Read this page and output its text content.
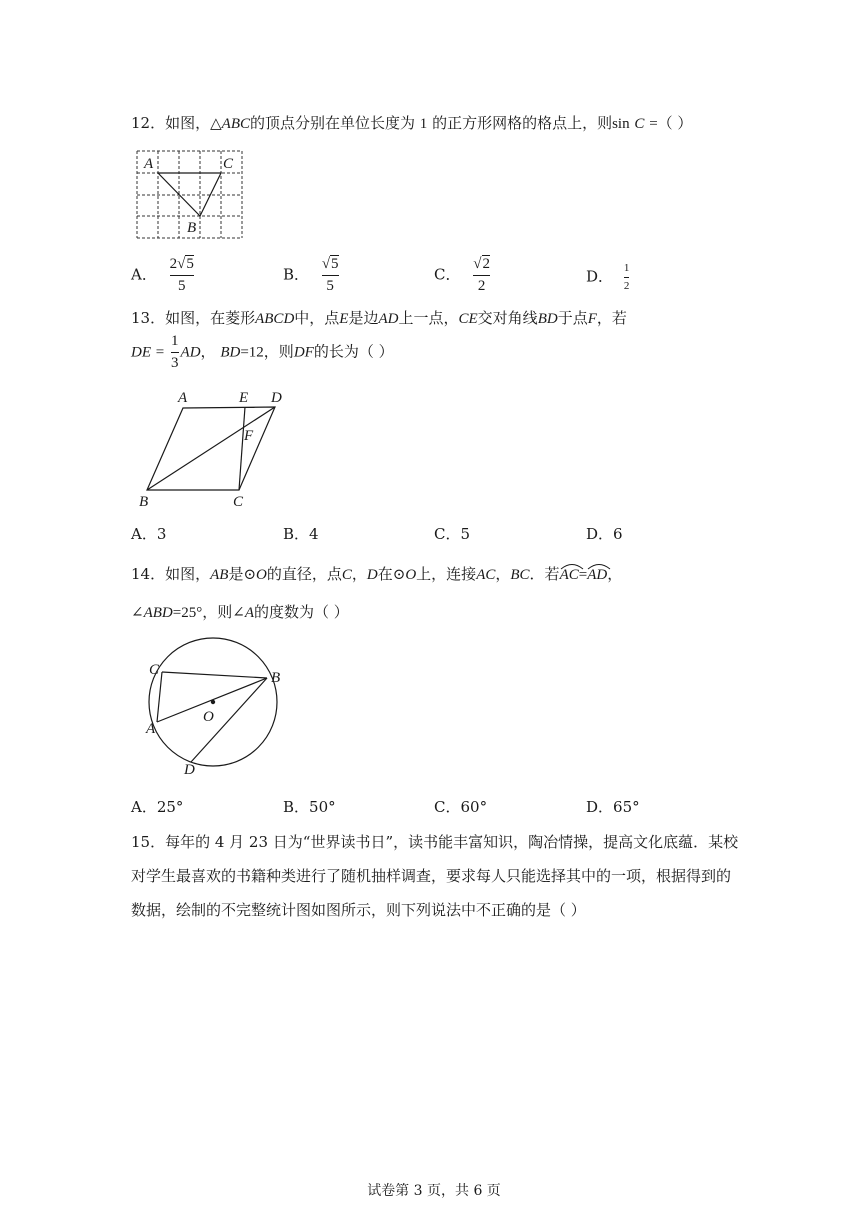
12．如图，△ABC的顶点分别在单位长度为 1 的正方形网格的格点上，则sin C =（ ）
A	C
B
A． $\frac{2√5}{5}$	B． $\frac{√5}{5}$	C． $\frac{√2}{2}$	D． $\frac{1}{2}$
13．如图，在菱形ABCD中，点E是边AD上一点，CE交对角线BD于点F，若
DE = $\frac{1}{3}$ AD， BD=12，则DF的长为（ ）
A	E D
F
B	C
A．3	B．4	C．5	D．6
14．如图，AB是⊙O的直径，点C，D在⊙O上，连接AC，BC．若
AC=
AD，
∠ABD=25°，则∠A的度数为（ ）
C	B
O
A
D
A．25°	B．50°	C．60°	D．65°
15．每年的 4 月 23 日为“世界读书日”，读书能丰富知识，陶冶情操，提高文化底蕴．某校
对学生最喜欢的书籍种类进行了随机抽样调查，要求每人只能选择其中的一项，根据得到的
数据，绘制的不完整统计图如图所示，则下列说法中不正确的是（ ）
试卷第 3 页，共 6 页
